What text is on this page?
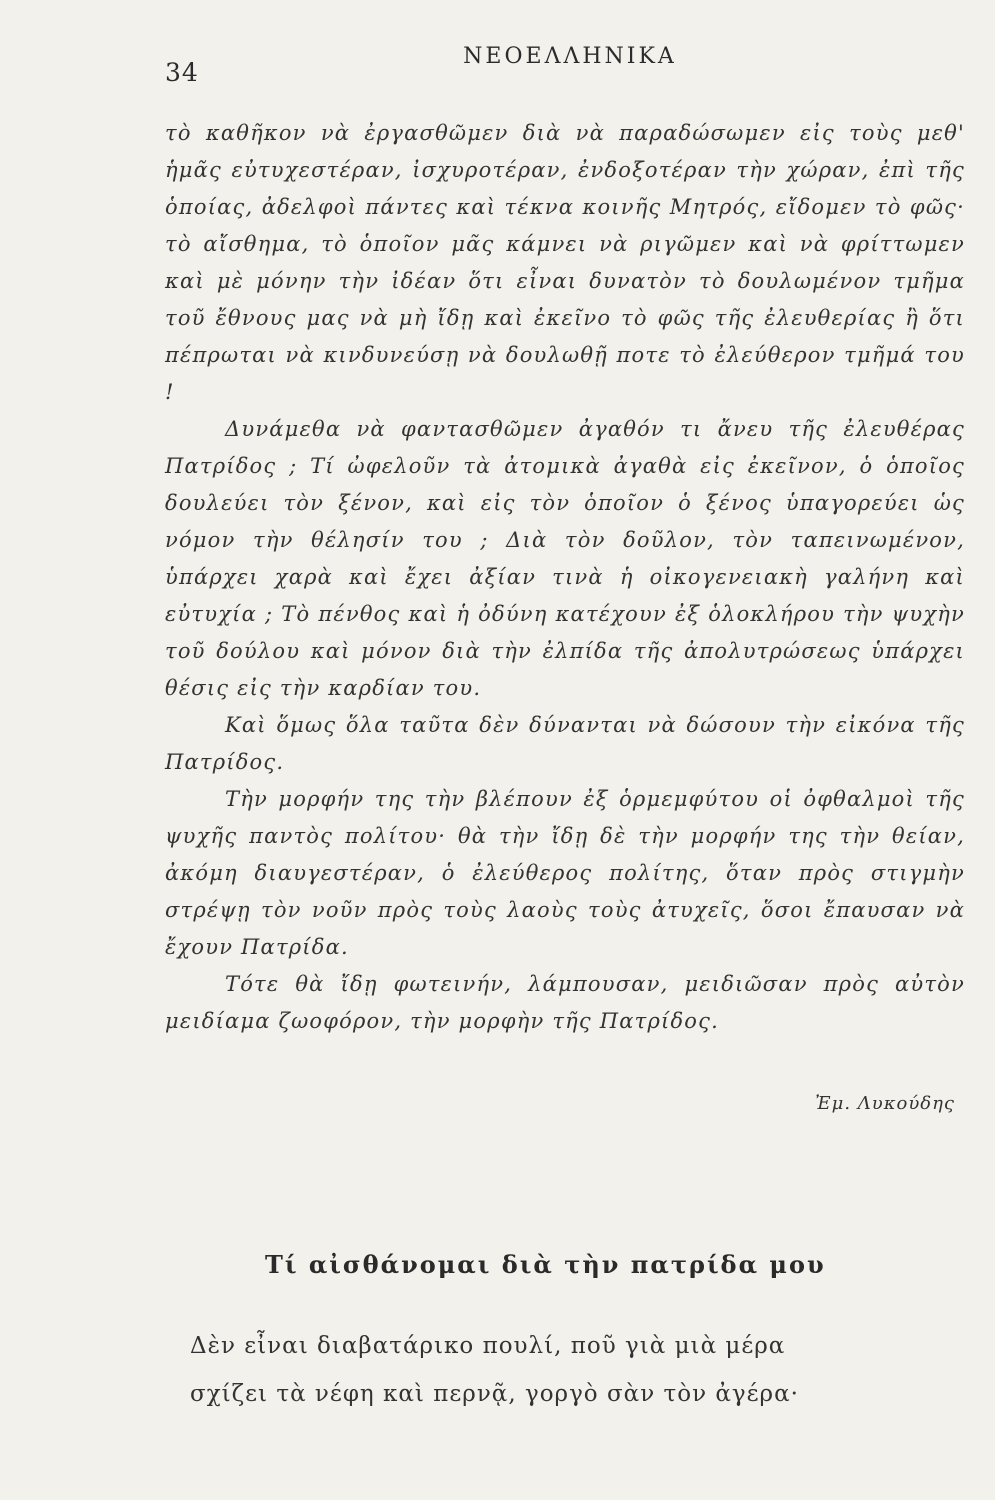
34
ΝΕΟΕΛΛΗΝΙΚΑ

τὸ καθῆκον νὰ ἐργασθῶμεν διὰ νὰ παραδώσωμεν εἰς τοὺς μεθ' ἡμᾶς εὐτυχεστέραν, ἰσχυροτέραν, ἐνδοξοτέραν τὴν χώραν, ἐπὶ τῆς ὁποίας, ἀδελφοὶ πάντες καὶ τέκνα κοινῆς Μητρός, εἴδομεν τὸ φῶς· τὸ αἴσθημα, τὸ ὁποῖον μᾶς κάμνει νὰ ριγῶμεν καὶ νὰ φρίττωμεν καὶ μὲ μόνην τὴν ἰδέαν ὅτι εἶναι δυνατὸν τὸ δουλωμένον τμῆμα τοῦ ἔθνους μας νὰ μὴ ἴδῃ καὶ ἐκεῖνο τὸ φῶς τῆς ἐλευθερίας ἢ ὅτι πέπρωται νὰ κινδυνεύσῃ νὰ δουλωθῇ ποτε τὸ ἐλεύθερον τμῆμά του !

Δυνάμεθα νὰ φαντασθῶμεν ἀγαθόν τι ἄνευ τῆς ἐλευθέρας Πατρίδος ; Τί ὠφελοῦν τὰ ἀτομικὰ ἀγαθὰ εἰς ἐκεῖνον, ὁ ὁποῖος δουλεύει τὸν ξένον, καὶ εἰς τὸν ὁποῖον ὁ ξένος ὑπαγορεύει ὡς νόμον τὴν θέλησίν του ; Διὰ τὸν δοῦλον, τὸν ταπεινωμένον, ὑπάρχει χαρὰ καὶ ἔχει ἀξίαν τινὰ ἡ οἰκογενειακὴ γαλήνη καὶ εὐτυχία ; Τὸ πένθος καὶ ἡ ὀδύνη κατέχουν ἐξ ὁλοκλήρου τὴν ψυχὴν τοῦ δούλου καὶ μόνον διὰ τὴν ἐλπίδα τῆς ἀπολυτρώσεως ὑπάρχει θέσις εἰς τὴν καρδίαν του.

Καὶ ὅμως ὅλα ταῦτα δὲν δύνανται νὰ δώσουν τὴν εἰκόνα τῆς Πατρίδος.

Τὴν μορφήν της τὴν βλέπουν ἐξ ὁρμεμφύτου οἱ ὀφθαλμοὶ τῆς ψυχῆς παντὸς πολίτου· θὰ τὴν ἴδῃ δὲ τὴν μορφήν της τὴν θείαν, ἀκόμη διαυγεστέραν, ὁ ἐλεύθερος πολίτης, ὅταν πρὸς στιγμὴν στρέψῃ τὸν νοῦν πρὸς τοὺς λαοὺς τοὺς ἀτυχεῖς, ὅσοι ἔπαυσαν νὰ ἔχουν Πατρίδα.

Τότε θὰ ἴδῃ φωτεινήν, λάμπουσαν, μειδιῶσαν πρὸς αὐτὸν μειδίαμα ζωοφόρον, τὴν μορφὴν τῆς Πατρίδος.

Ἐμ. Λυκούδης
Τί αἰσθάνομαι διὰ τὴν πατρίδα μου
Δὲν εἶναι διαβατάρικο πουλί, ποῦ γιὰ μιὰ μέρα
σχίζει τὰ νέφη καὶ περνᾷ, γοργὸ σὰν τὸν ἀγέρα·
